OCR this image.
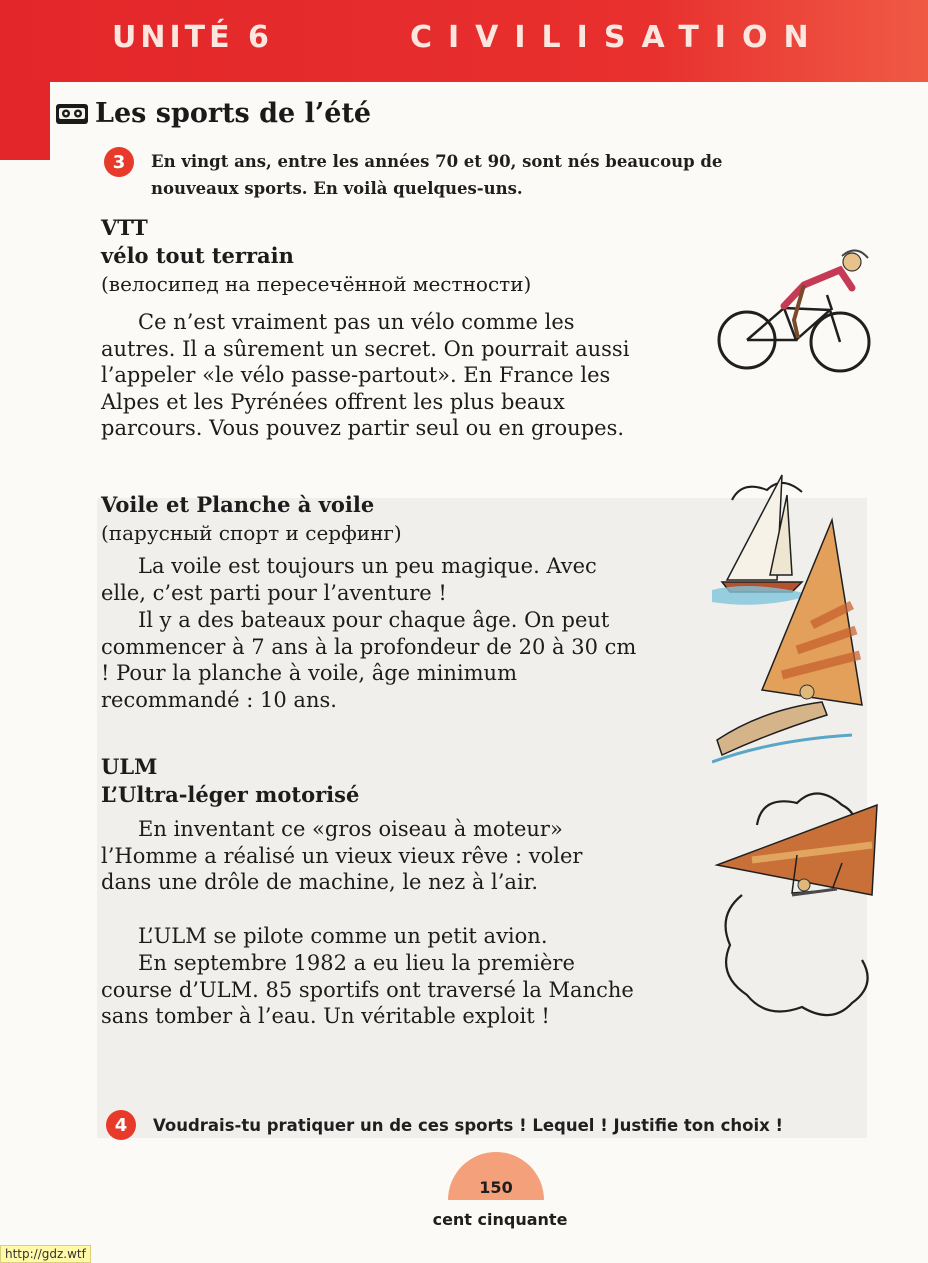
UNITÉ 6	CIVILISATION
Les sports de l’été
3	En vingt ans, entre les années 70 et 90, sont nés beaucoup de nouveaux sports. En voilà quelques-uns.

VTT

vélo tout terrain

(велосипед на пересечённой местности)

Ce n’est vraiment pas un vélo comme les autres. Il a sûrement un secret. On pourrait aussi l’appeler «le vélo passe-partout». En France les Alpes et les Pyrénées offrent les plus beaux parcours. Vous pouvez partir seul ou en groupes.

Voile et Planche à voile

(парусный спорт и серфинг)

La voile est toujours un peu magique. Avec elle, c’est parti pour l’aventure !

Il y a des bateaux pour chaque âge. On peut commencer à 7 ans à la profondeur de 20 à 30 cm ! Pour la planche à voile, âge minimum recommandé : 10 ans.

ULM

L’Ultra-léger motorisé

En inventant ce «gros oiseau à moteur» l’Homme a réalisé un vieux vieux rêve : voler dans une drôle de machine, le nez à l’air.

L’ULM se pilote comme un petit avion.

En septembre 1982 a eu lieu la première course d’ULM. 85 sportifs ont traversé la Manche sans tomber à l’eau. Un véritable exploit !

4	Voudrais-tu pratiquer un de ces sports ! Lequel ! Justifie ton choix !
150
cent cinquante
http://gdz.wtf
